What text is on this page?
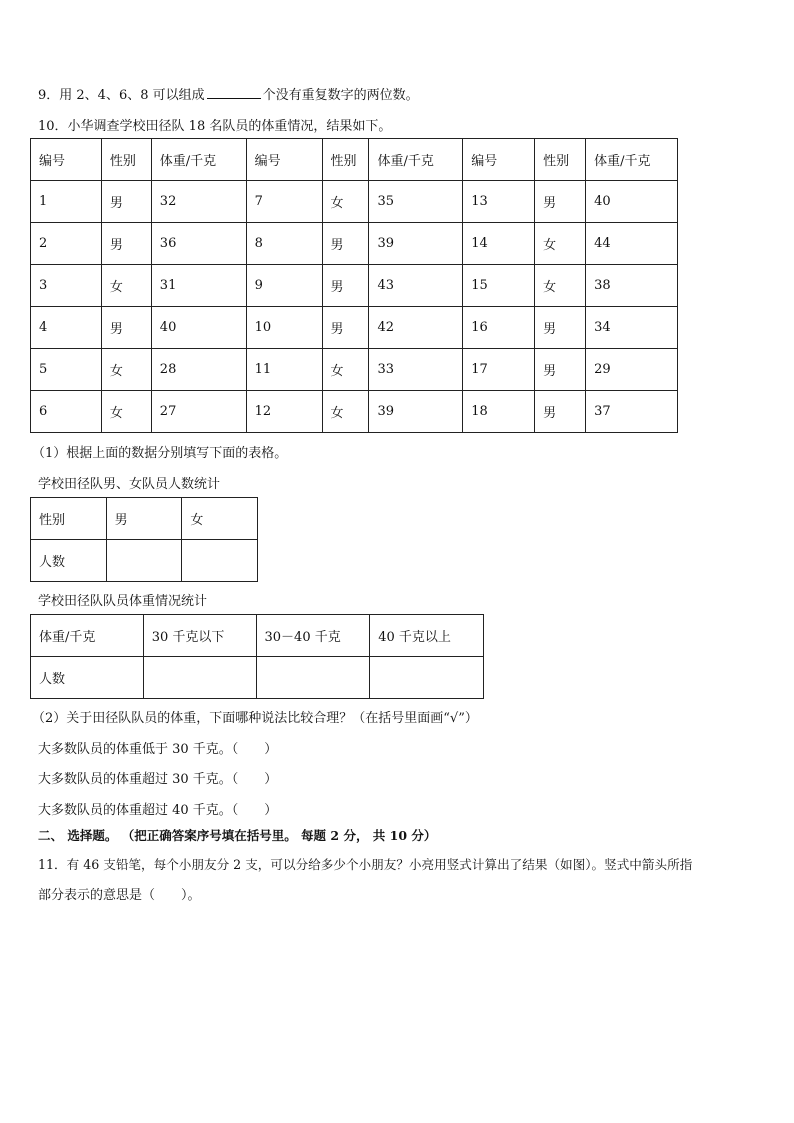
9．用 2、4、6、8 可以组成	个没有重复数字的两位数。
10．小华调查学校田径队 18 名队员的体重情况，结果如下。
编号	性别	体重/千克	编号	性别	体重/千克	编号	性别	体重/千克
1	男	32	7	女	35	13	男	40
2	男	36	8	男	39	14	女	44
3	女	31	9	男	43	15	女	38
4	男	40	10	男	42	16	男	34
5	女	28	11	女	33	17	男	29
6	女	27	12	女	39	18	男	37
（1）根据上面的数据分别填写下面的表格。
学校田径队男、女队员人数统计
性别	男	女
人数		
学校田径队队员体重情况统计
体重/千克	30 千克以下	30－40 千克	40 千克以上
人数			
（2）关于田径队队员的体重，下面哪种说法比较合理？（在括号里面画“√”）
大多数队员的体重低于 30 千克。（　　）
大多数队员的体重超过 30 千克。（　　）
大多数队员的体重超过 40 千克。（　　）
二、 选择题。 （把正确答案序号填在括号里。 每题 2 分， 共 10 分）
11．有 46 支铅笔，每个小朋友分 2 支，可以分给多少个小朋友？小亮用竖式计算出了结果（如图）。竖式中箭头所指
部分表示的意思是（　　）。
